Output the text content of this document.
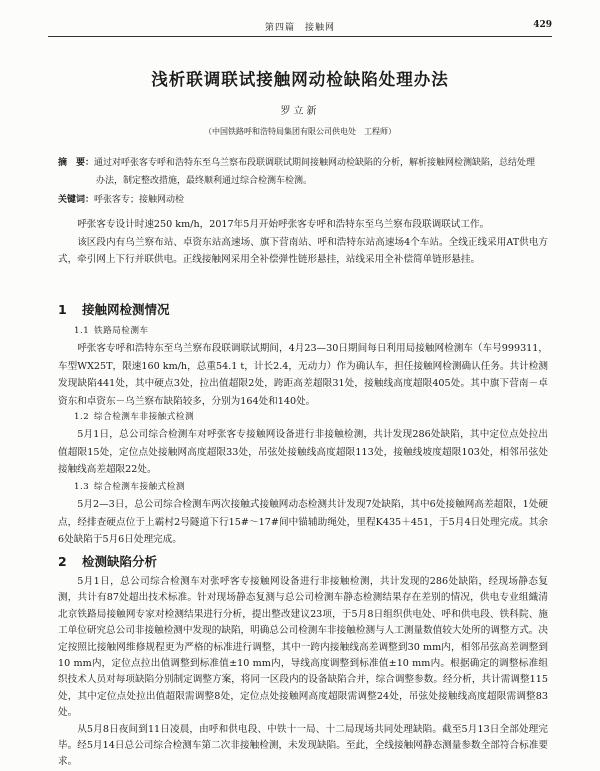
第四篇　接触网	429
浅析联调联试接触网动检缺陷处理办法
罗立新
（中国铁路呼和浩特局集团有限公司供电处　工程师）
摘　要：通过对呼张客专呼和浩特东至乌兰察布段联调联试期间接触网动检缺陷的分析，解析接触网检测缺陷，总结处理办法，制定整改措施，最终顺利通过综合检测车检测。
关键词：呼张客专；接触网动检

呼张客专设计时速250 km/h，2017年5月开始呼张客专呼和浩特东至乌兰察布段联调联试工作。

该区段内有乌兰察布站、卓资东站高速场、旗下营南站、呼和浩特东站高速场4个车站。全线正线采用AT供电方式，牵引网上下行并联供电。正线接触网采用全补偿弹性链形悬挂，站线采用全补偿简单链形悬挂。

1 接触网检测情况
1.1 铁路局检测车

呼张客专呼和浩特东至乌兰察布段联调联试期间，4月23—30日期间每日利用局接触网检测车（车号999311，车型WX25T，限速160 km/h，总重54.1 t，计长2.4，无动力）作为确认车，担任接触网检测确认任务。共计检测发现缺陷441处，其中硬点3处，拉出值超限2处，跨距高差超限31处，接触线高度超限405处。其中旗下营南－卓资东和卓资东－乌兰察布缺陷较多，分别为164处和140处。

1.2 综合检测车非接触式检测

5月1日，总公司综合检测车对呼张客专接触网设备进行非接触检测，共计发现286处缺陷，其中定位点处拉出值超限15处，定位点处接触网高度超限33处，吊弦处接触线高度超限113处，接触线坡度超限103处，相邻吊弦处接触线高差超限22处。

1.3 综合检测车接触式检测

5月2—3日，总公司综合检测车两次接触式接触网动态检测共计发现7处缺陷，其中6处接触网高差超限，1处硬点，经排查硬点位于上霸村2号隧道下行15#～17#间中锚辅助绳处，里程K435＋451，于5月4日处理完成。其余6处缺陷于5月6日处理完成。

2 检测缺陷分析

5月1日，总公司综合检测车对张呼客专接触网设备进行非接触检测，共计发现的286处缺陷，经现场静态复测，共计有87处超出技术标准。针对现场静态复测与总公司检测车静态检测结果存在差别的情况，供电专业组織清北京铁路局接触网专家对检测结果进行分析，提出整改建议23项，于5月8日组织供电处、呼和供电段、铁科院、施工单位研究总公司非接触检测中发现的缺陷，明确总公司检测车非接触检测与人工测量数值较大处所的调整方式。决定按照比接触网维修规程更为严格的标准进行调整，其中一跨内接触线高差调整到30 mm内，相邻吊弦高差调整到10 mm内，定位点拉出值调整到标准值±10 mm内，导线高度调整到标准值±10 mm内。根据确定的调整标准组织技术人员对每项缺陷分别制定调整方案，将同一区段内的设备缺陷合并，综合调整参数。经分析，共计需调整115处，其中定位点处拉出值超限需调整8处，定位点处接触网高度超限需调整24处，吊弦处接触线高度超限需调整83处。

从5月8日夜间到11日凌晨，由呼和供电段、中铁十一局、十二局现场共同处理缺陷。截至5月13日全部处理完毕。经5月14日总公司综合检测车第二次非接触检测，未发现缺陷。至此，全线接触网静态测量参数全部符合标准要求。
